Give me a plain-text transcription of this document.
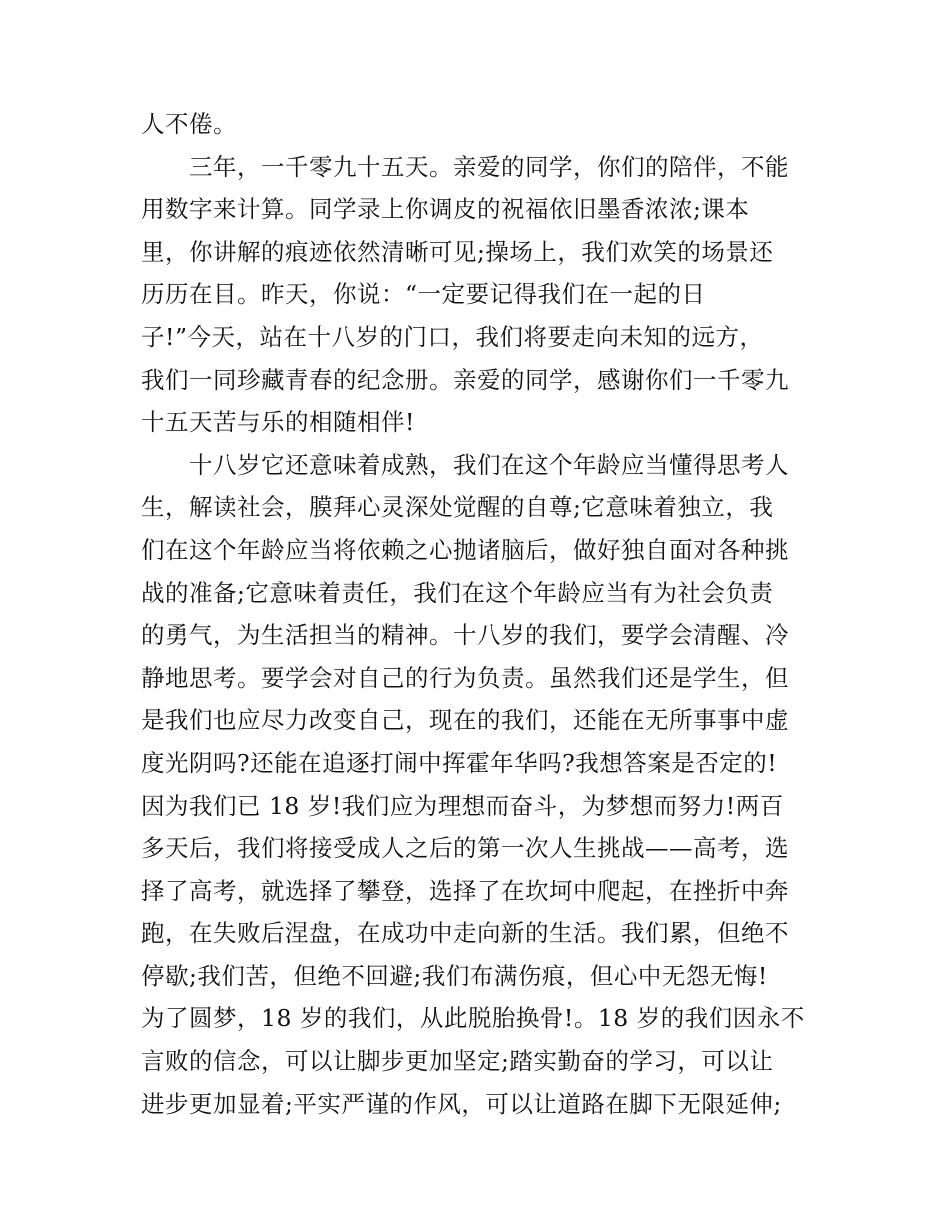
人不倦。
三年，一千零九十五天。亲爱的同学，你们的陪伴，不能
用数字来计算。同学录上你调皮的祝福依旧墨香浓浓;课本
里，你讲解的痕迹依然清晰可见;操场上，我们欢笑的场景还
历历在目。昨天，你说：“一定要记得我们在一起的日
子!”今天，站在十八岁的门口，我们将要走向未知的远方，
我们一同珍藏青春的纪念册。亲爱的同学，感谢你们一千零九
十五天苦与乐的相随相伴!
十八岁它还意味着成熟，我们在这个年龄应当懂得思考人
生，解读社会，膜拜心灵深处觉醒的自尊;它意味着独立，我
们在这个年龄应当将依赖之心抛诸脑后，做好独自面对各种挑
战的准备;它意味着责任，我们在这个年龄应当有为社会负责
的勇气，为生活担当的精神。十八岁的我们，要学会清醒、冷
静地思考。要学会对自己的行为负责。虽然我们还是学生，但
是我们也应尽力改变自己，现在的我们，还能在无所事事中虚
度光阴吗?还能在追逐打闹中挥霍年华吗?我想答案是否定的!
因为我们已 18 岁!我们应为理想而奋斗，为梦想而努力!两百
多天后，我们将接受成人之后的第一次人生挑战——高考，选
择了高考，就选择了攀登，选择了在坎坷中爬起，在挫折中奔
跑，在失败后涅盘，在成功中走向新的生活。我们累，但绝不
停歇;我们苦，但绝不回避;我们布满伤痕，但心中无怨无悔!
为了圆梦，18 岁的我们，从此脱胎换骨!。18 岁的我们因永不
言败的信念，可以让脚步更加坚定;踏实勤奋的学习，可以让
进步更加显着;平实严谨的作风，可以让道路在脚下无限延伸;
